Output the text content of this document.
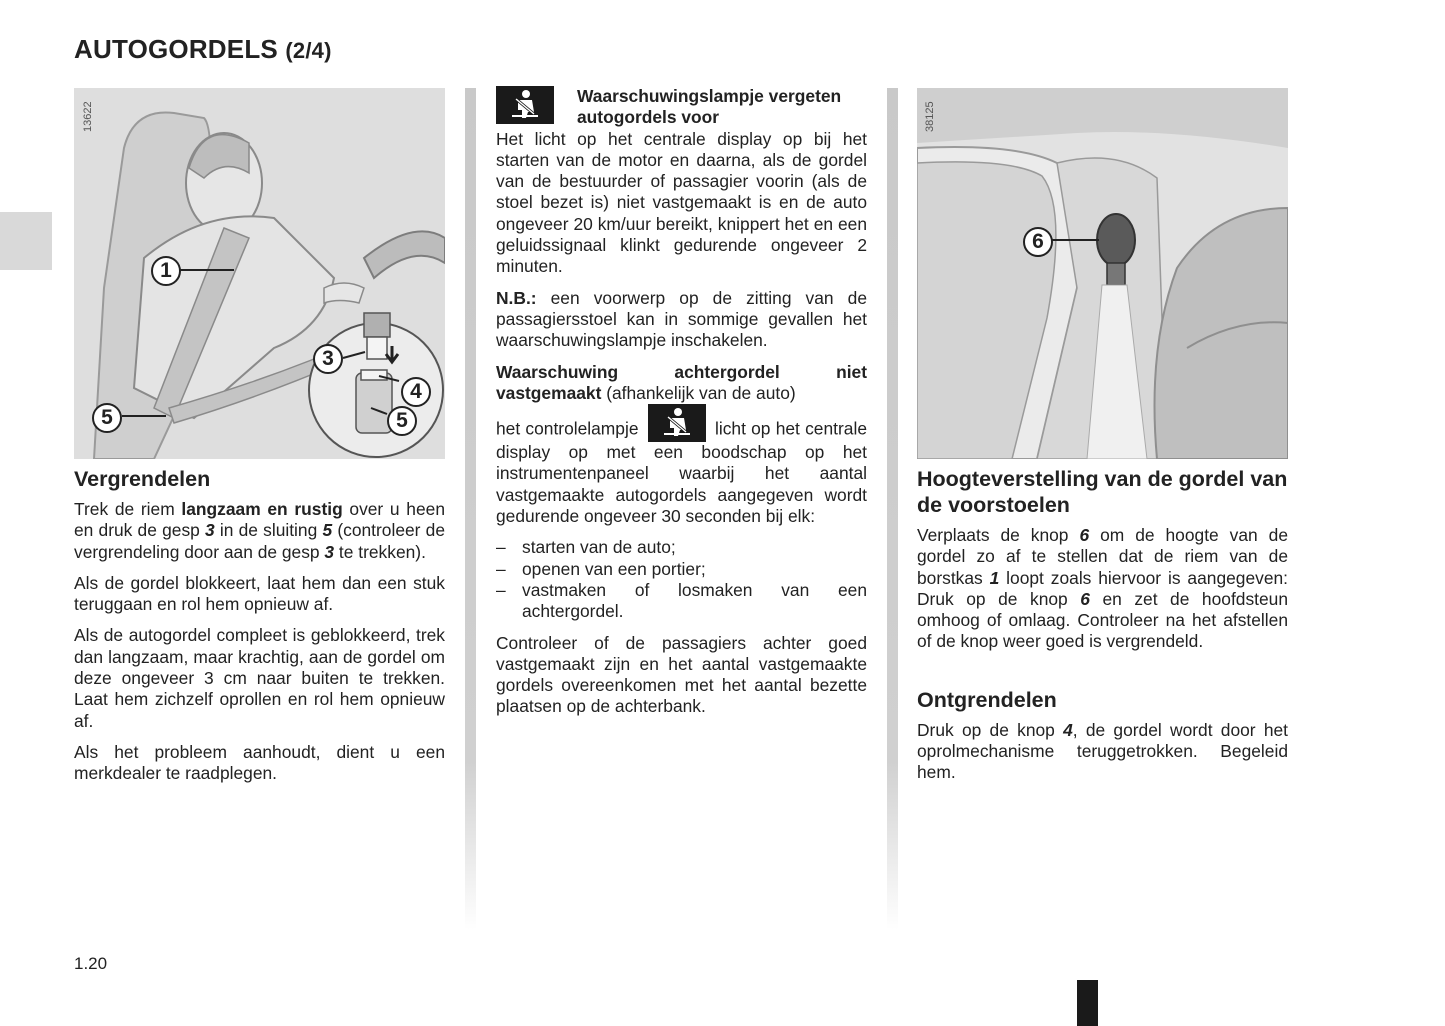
AUTOGORDELS (2/4)
1
3
4
5
5
13622
Vergrendelen

Trek de riem langzaam en rustig over u heen en druk de gesp 3 in de sluiting 5 (controleer de vergrendeling door aan de gesp 3 te trekken).

Als de gordel blokkeert, laat hem dan een stuk teruggaan en rol hem opnieuw af.

Als de autogordel compleet is geblokkeerd, trek dan langzaam, maar krachtig, aan de gordel om deze ongeveer 3 cm naar buiten te trekken. Laat hem zichzelf oprollen en rol hem opnieuw af.

Als het probleem aanhoudt, dient u een merkdealer te raadplegen.

Waarschuwingslampje vergeten autogordels voor

Het licht op het centrale display op bij het starten van de motor en daarna, als de gordel van de bestuurder of passagier voorin (als de stoel bezet is) niet vastgemaakt is en de auto ongeveer 20 km/uur bereikt, knippert het en een geluidssignaal klinkt gedurende ongeveer 2 minuten.

N.B.: een voorwerp op de zitting van de passagiersstoel kan in sommige gevallen het waarschuwingslampje inschakelen.

Waarschuwing achtergordel niet vastgemaakt (afhankelijk van de auto)

het controlelampje	licht op het centrale display op met een boodschap op het instrumentenpaneel waarbij het aantal vastgemaakte autogordels aangegeven wordt gedurende ongeveer 30 seconden bij elk:

– starten van de auto;
– openen van een portier;
– vastmaken of losmaken van een achtergordel.

Controleer of de passagiers achter goed vastgemaakt zijn en het aantal vastgemaakte gordels overeenkomen met het aantal bezette plaatsen op de achterbank.

6
38125
Hoogteverstelling van de gordel van de voorstoelen

Verplaats de knop 6 om de hoogte van de gordel zo af te stellen dat de riem van de borstkas 1 loopt zoals hiervoor is aangegeven: Druk op de knop 6 en zet de hoofdsteun omhoog of omlaag. Controleer na het afstellen of de knop weer goed is vergrendeld.

Ontgrendelen

Druk op de knop 4, de gordel wordt door het oprolmechanisme teruggetrokken. Begeleid hem.

1.20
